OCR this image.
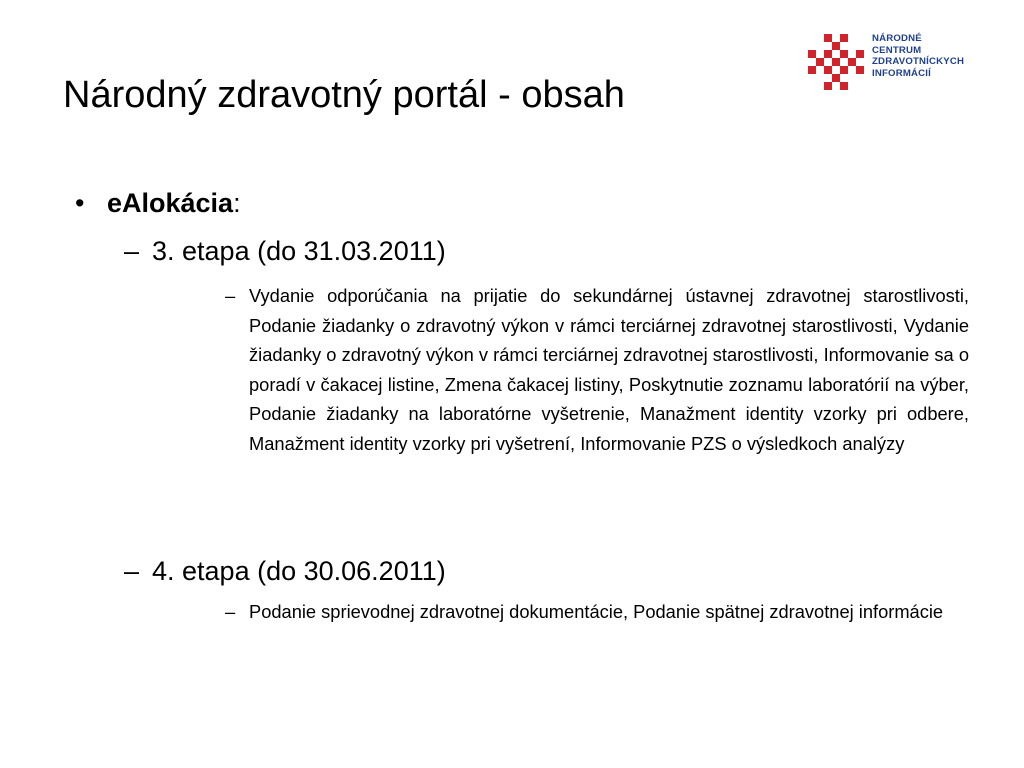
NÁRODNÉ
CENTRUM
ZDRAVOTNÍCKYCH
INFORMÁCIÍ
Národný zdravotný portál - obsah
• eAlokácia:
– 3. etapa (do 31.03.2011)
– Vydanie odporúčania na prijatie do sekundárnej ústavnej zdravotnej starostlivosti, Podanie žiadanky o zdravotný výkon v rámci terciárnej zdravotnej starostlivosti, Vydanie žiadanky o zdravotný výkon v rámci terciárnej zdravotnej starostlivosti, Informovanie sa o poradí v čakacej listine, Zmena čakacej listiny, Poskytnutie zoznamu laboratórií na výber, Podanie žiadanky na laboratórne vyšetrenie, Manažment identity vzorky pri odbere, Manažment identity vzorky pri vyšetrení, Informovanie PZS o výsledkoch analýzy
– 4. etapa (do 30.06.2011)
– Podanie sprievodnej zdravotnej dokumentácie, Podanie spätnej zdravotnej informácie
